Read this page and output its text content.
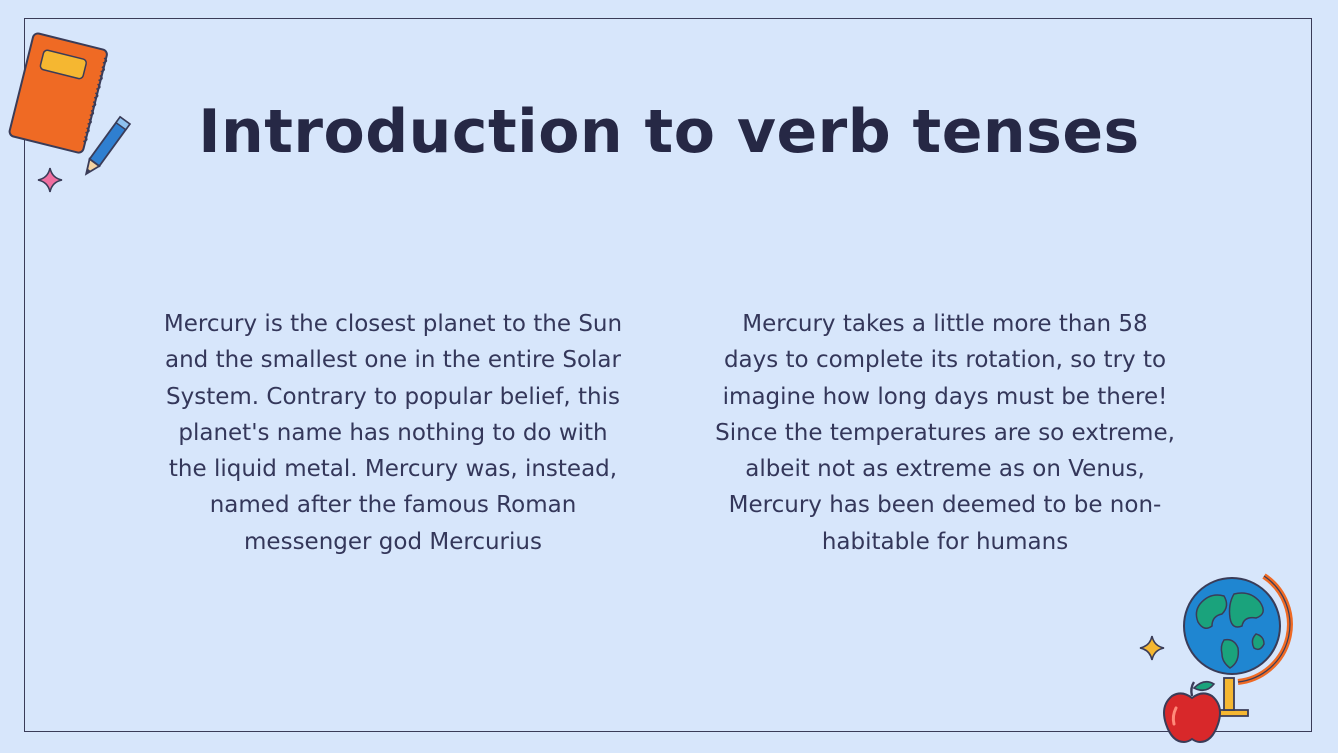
Introduction to verb tenses

Mercury is the closest planet to the Sun and the smallest one in the entire Solar System. Contrary to popular belief, this planet's name has nothing to do with the liquid metal. Mercury was, instead, named after the famous Roman messenger god Mercurius

Mercury takes a little more than 58 days to complete its rotation, so try to imagine how long days must be there! Since the temperatures are so extreme, albeit not as extreme as on Venus, Mercury has been deemed to be non-habitable for humans
